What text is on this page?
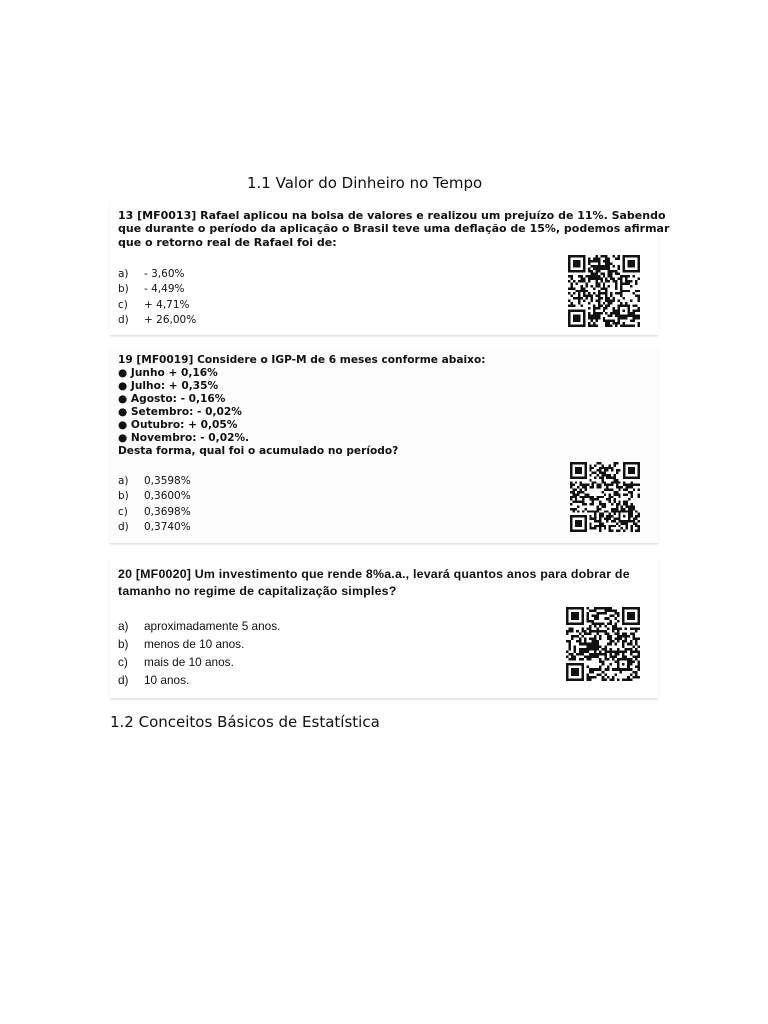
1.1 Valor do Dinheiro no Tempo

13 [MF0013] Rafael aplicou na bolsa de valores e realizou um prejuízo de 11%. Sabendo
que durante o período da aplicação o Brasil teve uma deflação de 15%, podemos afirmar
que o retorno real de Rafael foi de:

a)	- 3,60%
b)	- 4,49%
c)	+ 4,71%
d)	+ 26,00%

19 [MF0019] Considere o IGP-M de 6 meses conforme abaixo:
● Junho + 0,16%
● Julho: + 0,35%
● Agosto: - 0,16%
● Setembro: - 0,02%
● Outubro: + 0,05%
● Novembro: - 0,02%.
Desta forma, qual foi o acumulado no período?

a)	0,3598%
b)	0,3600%
c)	0,3698%
d)	0,3740%

20 [MF0020] Um investimento que rende 8%a.a., levará quantos anos para dobrar de
tamanho no regime de capitalização simples?

a)	aproximadamente 5 anos.
b)	menos de 10 anos.
c)	mais de 10 anos.
d)	10 anos.
1.2 Conceitos Básicos de Estatística
